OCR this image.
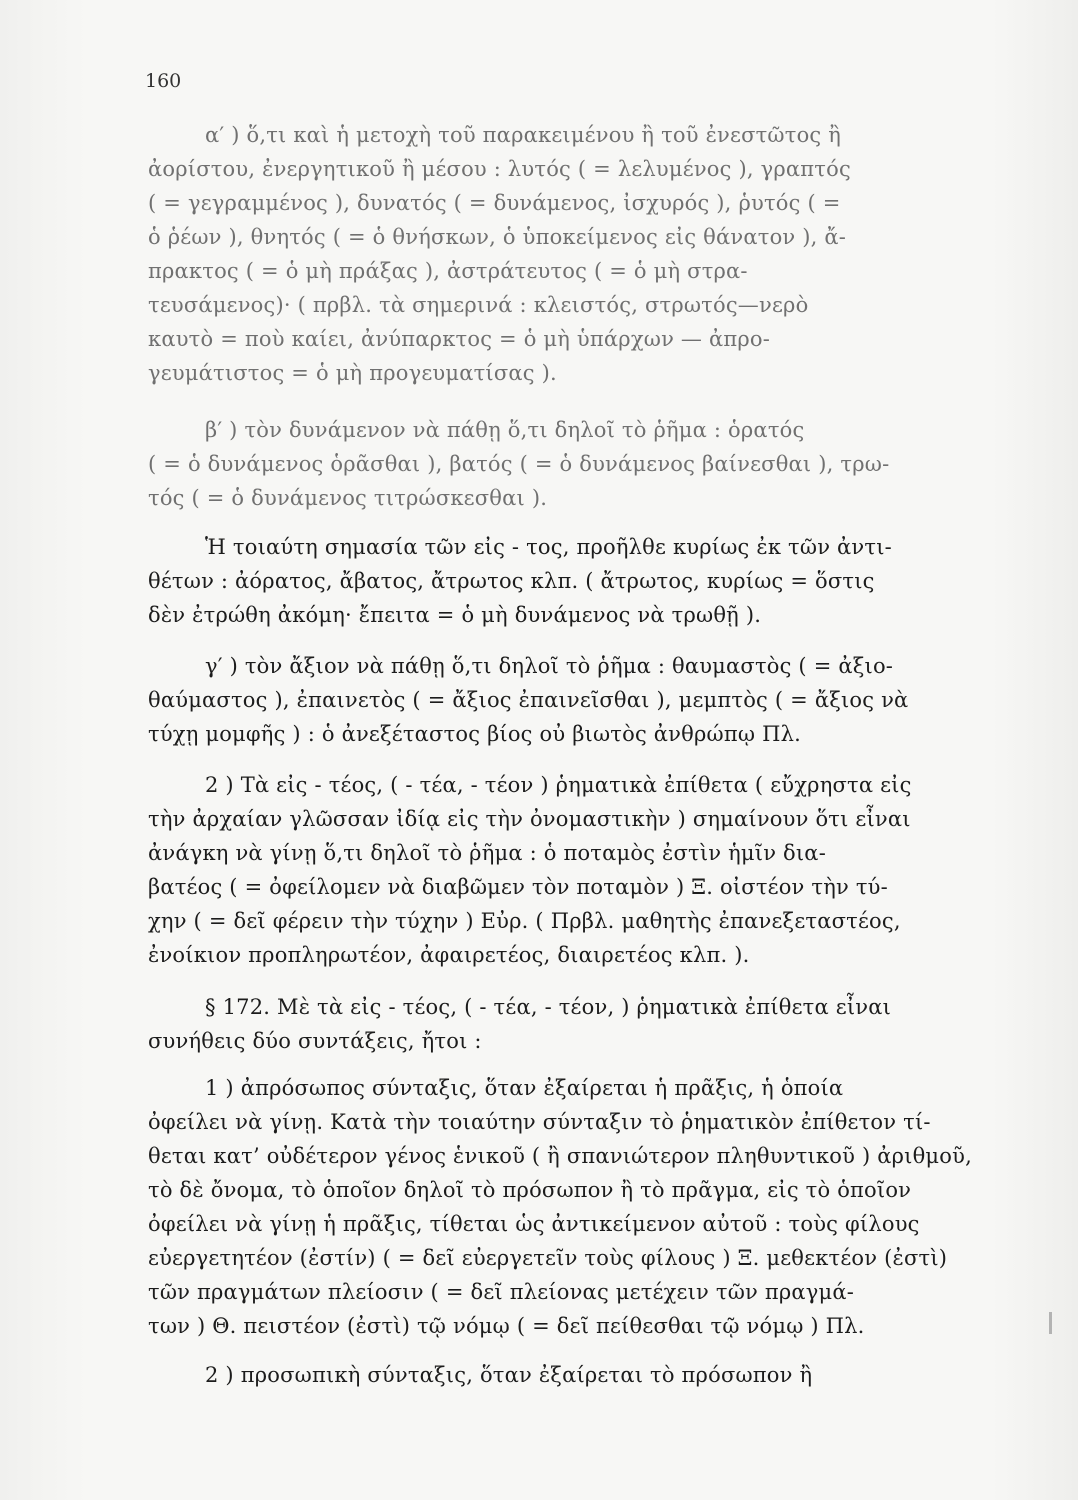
160
α′ ) ὅ,τι καὶ ἡ μετοχὴ τοῦ παρακειμένου ἢ τοῦ ἐνεστῶτος ἢ
ἀορίστου, ἐνεργητικοῦ ἢ μέσου : λυτός ( = λελυμένος ), γραπτός
( = γεγραμμένος ), δυνατός ( = δυνάμενος, ἰσχυρός ), ῥυτός ( =
ὁ ῥέων ), θνητός ( = ὁ θνήσκων, ὁ ὑποκείμενος εἰς θάνατον ), ἄ-
πρακτος ( = ὁ μὴ πράξας ), ἀστράτευτος ( = ὁ μὴ στρα-
τευσάμενος)· ( πρβλ. τὰ σημερινά : κλειστός, στρωτός—νερὸ
καυτὸ = ποὺ καίει, ἀνύπαρκτος = ὁ μὴ ὑπάρχων — ἀπρο-
γευμάτιστος = ὁ μὴ προγευματίσας ).
β′ ) τὸν δυνάμενον νὰ πάθῃ ὅ,τι δηλοῖ τὸ ῥῆμα : ὁρατός
( = ὁ δυνάμενος ὁρᾶσθαι ), βατός ( = ὁ δυνάμενος βαίνεσθαι ), τρω-
τός ( = ὁ δυνάμενος τιτρώσκεσθαι ).
Ἡ τοιαύτη σημασία τῶν εἰς - τος, προῆλθε κυρίως ἐκ τῶν ἀντι-
θέτων : ἀόρατος, ἄβατος, ἄτρωτος κλπ. ( ἄτρωτος, κυρίως = ὅστις
δὲν ἐτρώθη ἀκόμη· ἔπειτα = ὁ μὴ δυνάμενος νὰ τρωθῇ ).
γ′ ) τὸν ἄξιον νὰ πάθῃ ὅ,τι δηλοῖ τὸ ῥῆμα : θαυμαστὸς ( = ἀξιο-
θαύμαστος ), ἐπαινετὸς ( = ἄξιος ἐπαινεῖσθαι ), μεμπτὸς ( = ἄξιος νὰ
τύχῃ μομφῆς ) : ὁ ἀνεξέταστος βίος οὐ βιωτὸς ἀνθρώπῳ Πλ.
2 ) Τὰ εἰς - τέος, ( - τέα, - τέον ) ῥηματικὰ ἐπίθετα ( εὔχρηστα εἰς
τὴν ἀρχαίαν γλῶσσαν ἰδίᾳ εἰς τὴν ὀνομαστικὴν ) σημαίνουν ὅτι εἶναι
ἀνάγκη νὰ γίνῃ ὅ,τι δηλοῖ τὸ ῥῆμα : ὁ ποταμὸς ἐστὶν ἡμῖν δια-
βατέος ( = ὀφείλομεν νὰ διαβῶμεν τὸν ποταμὸν ) Ξ. οἰστέον τὴν τύ-
χην ( = δεῖ φέρειν τὴν τύχην ) Εὐρ. ( Πρβλ. μαθητὴς ἐπανεξεταστέος,
ἐνοίκιον προπληρωτέον, ἀφαιρετέος, διαιρετέος κλπ. ).
§ 172. Μὲ τὰ εἰς - τέος, ( - τέα, - τέον, ) ῥηματικὰ ἐπίθετα εἶναι
συνήθεις δύο συντάξεις, ἤτοι :
1 ) ἀπρόσωπος σύνταξις, ὅταν ἐξαίρεται ἡ πρᾶξις, ἡ ὁποία
ὀφείλει νὰ γίνῃ. Κατὰ τὴν τοιαύτην σύνταξιν τὸ ῥηματικὸν ἐπίθετον τί-
θεται κατ’ οὐδέτερον γένος ἑνικοῦ ( ἢ σπανιώτερον πληθυντικοῦ ) ἀριθμοῦ,
τὸ δὲ ὄνομα, τὸ ὁποῖον δηλοῖ τὸ πρόσωπον ἢ τὸ πρᾶγμα, εἰς τὸ ὁποῖον
ὀφείλει νὰ γίνῃ ἡ πρᾶξις, τίθεται ὡς ἀντικείμενον αὐτοῦ : τοὺς φίλους
εὐεργετητέον (ἐστίν) ( = δεῖ εὐεργετεῖν τοὺς φίλους ) Ξ. μεθεκτέον (ἐστὶ)
τῶν πραγμάτων πλείοσιν ( = δεῖ πλείονας μετέχειν τῶν πραγμά-
των ) Θ. πειστέον (ἐστὶ) τῷ νόμῳ ( = δεῖ πείθεσθαι τῷ νόμῳ ) Πλ.
2 ) προσωπικὴ σύνταξις, ὅταν ἐξαίρεται τὸ πρόσωπον ἢ
